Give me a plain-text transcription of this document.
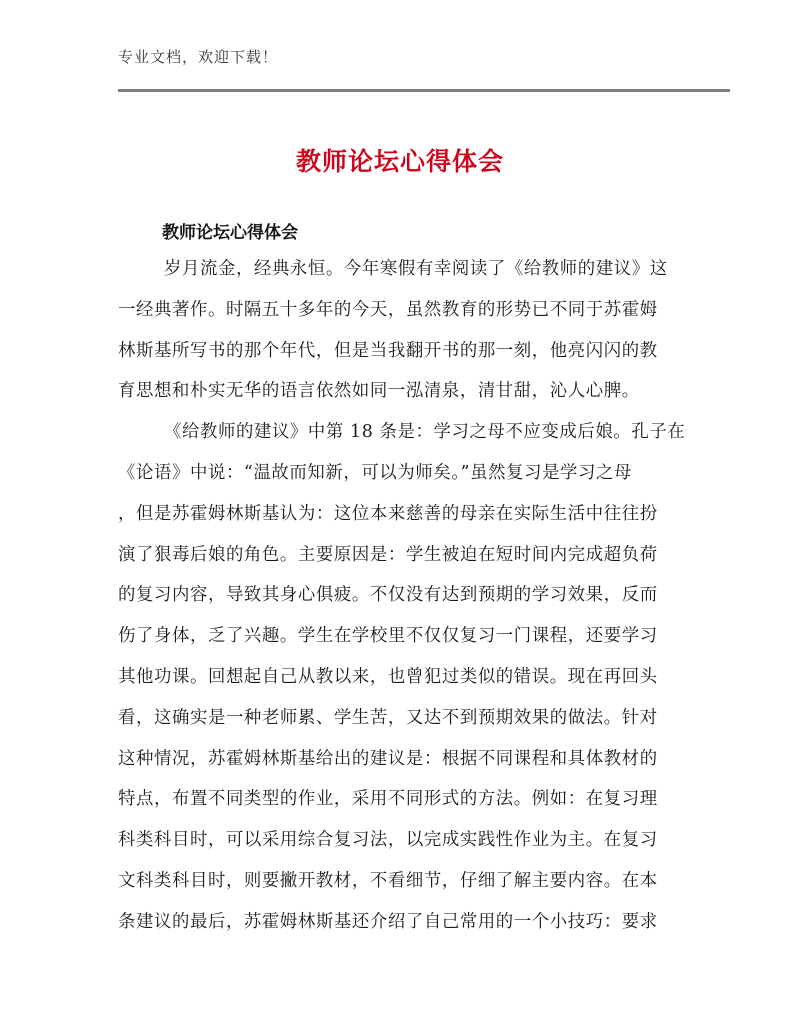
专业文档，欢迎下载！
教师论坛心得体会
教师论坛心得体会
岁月流金，经典永恒。今年寒假有幸阅读了《给教师的建议》这
一经典著作。时隔五十多年的今天，虽然教育的形势已不同于苏霍姆
林斯基所写书的那个年代，但是当我翻开书的那一刻，他亮闪闪的教
育思想和朴实无华的语言依然如同一泓清泉，清甘甜，沁人心脾。
《给教师的建议》中第 18 条是：学习之母不应变成后娘。孔子在
《论语》中说：“温故而知新，可以为师矣。”虽然复习是学习之母
，但是苏霍姆林斯基认为：这位本来慈善的母亲在实际生活中往往扮
演了狠毒后娘的角色。主要原因是：学生被迫在短时间内完成超负荷
的复习内容，导致其身心俱疲。不仅没有达到预期的学习效果，反而
伤了身体，乏了兴趣。学生在学校里不仅仅复习一门课程，还要学习
其他功课。回想起自己从教以来，也曾犯过类似的错误。现在再回头
看，这确实是一种老师累、学生苦，又达不到预期效果的做法。针对
这种情况，苏霍姆林斯基给出的建议是：根据不同课程和具体教材的
特点，布置不同类型的作业，采用不同形式的方法。例如：在复习理
科类科目时，可以采用综合复习法，以完成实践性作业为主。在复习
文科类科目时，则要撇开教材，不看细节，仔细了解主要内容。在本
条建议的最后，苏霍姆林斯基还介绍了自己常用的一个小技巧：要求
